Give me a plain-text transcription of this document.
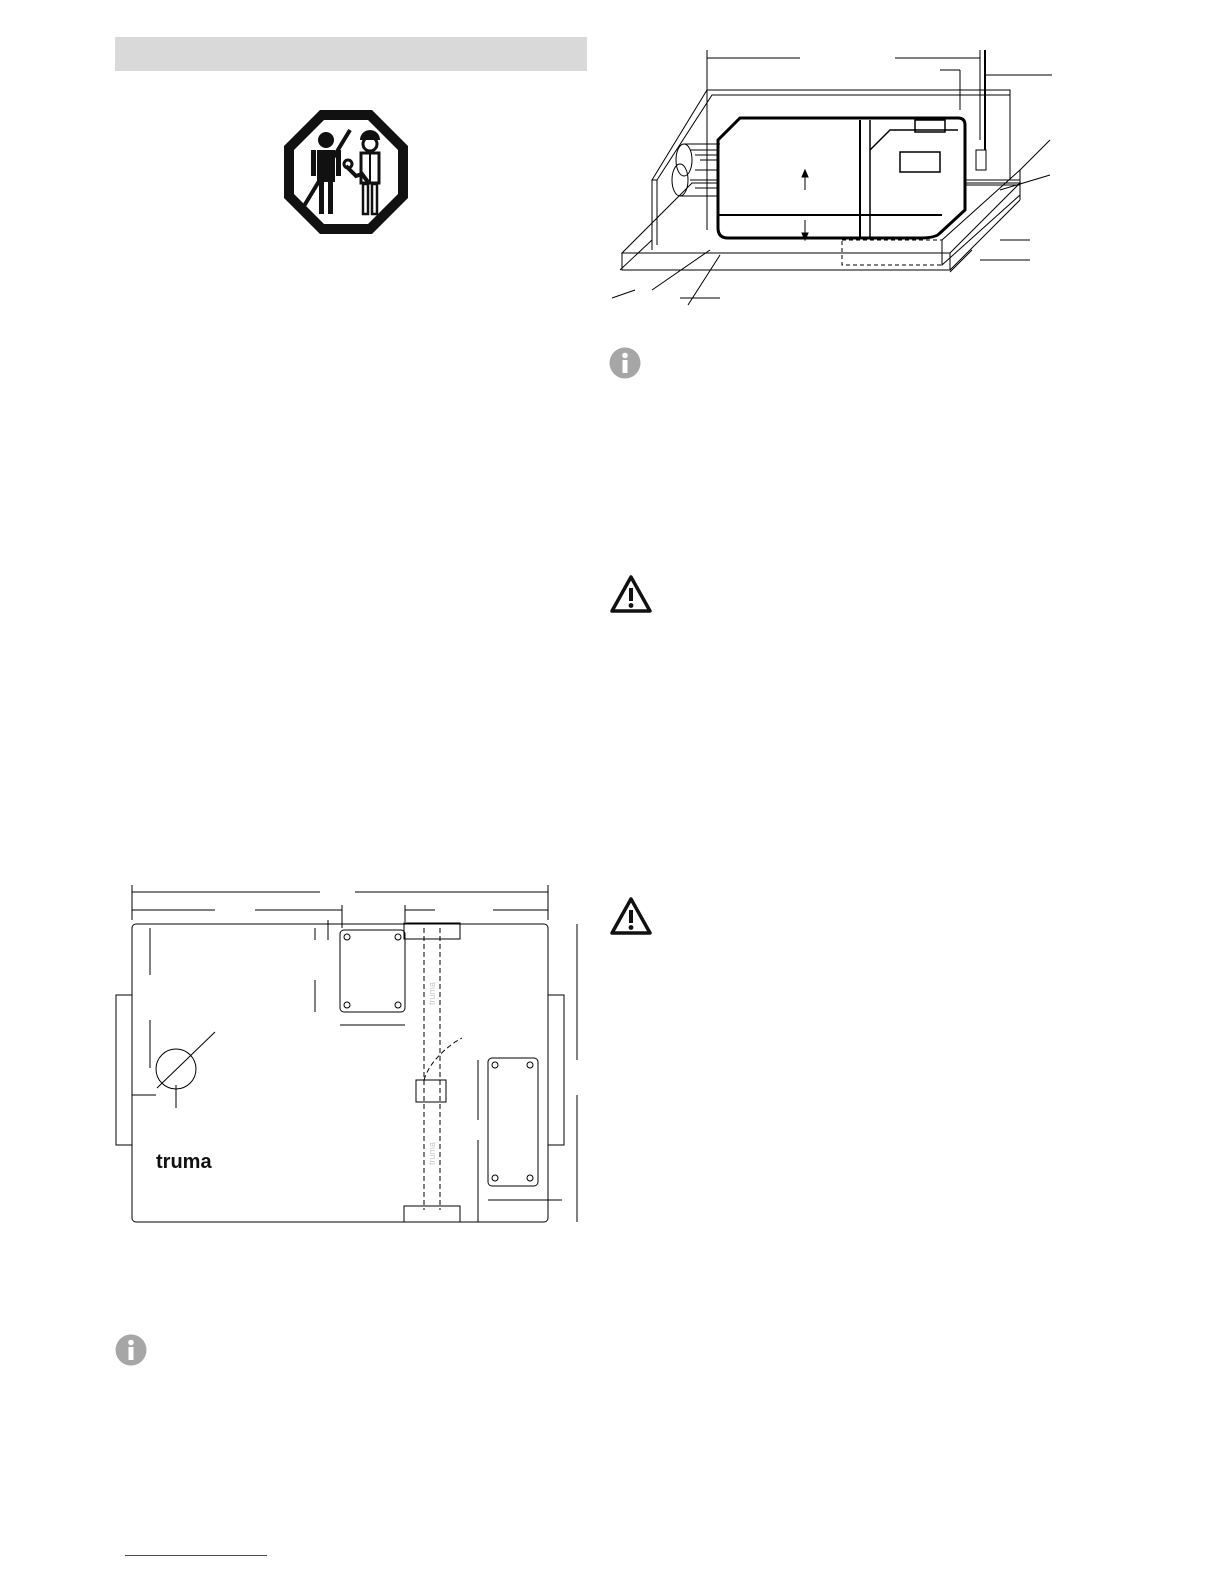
truma
truma
truma
